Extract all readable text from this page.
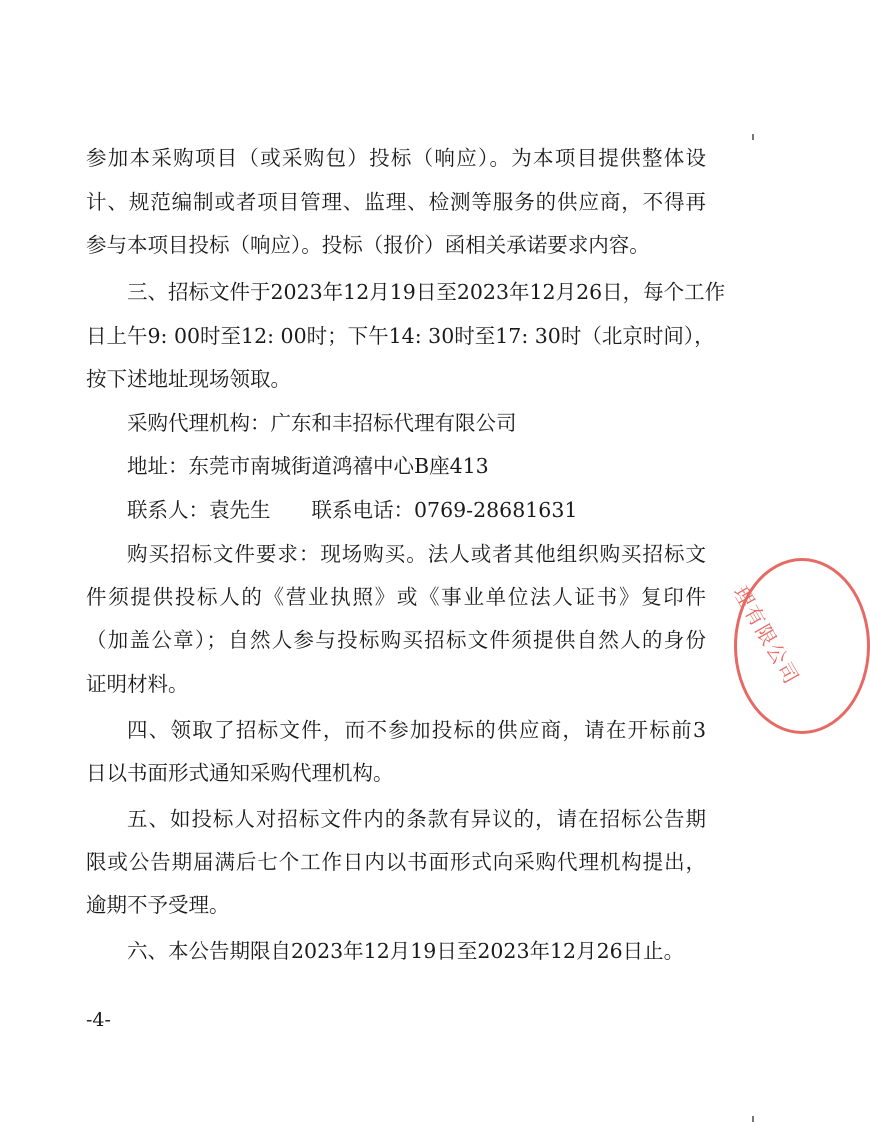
参加本采购项目（或采购包）投标（响应）。为本项目提供整体设
计、规范编制或者项目管理、监理、检测等服务的供应商，不得再
参与本项目投标（响应）。投标（报价）函相关承诺要求内容。
三、招标文件于2023年12月19日至2023年12月26日，每个工作
日上午9: 00时至12: 00时；下午14: 30时至17: 30时（北京时间），
按下述地址现场领取。
采购代理机构：广东和丰招标代理有限公司
地址：东莞市南城街道鸿禧中心B座413
联系人：袁先生　　联系电话：0769-28681631
购买招标文件要求：现场购买。法人或者其他组织购买招标文
件须提供投标人的《营业执照》或《事业单位法人证书》复印件
（加盖公章）；自然人参与投标购买招标文件须提供自然人的身份
证明材料。
四、领取了招标文件，而不参加投标的供应商，请在开标前3
日以书面形式通知采购代理机构。
五、如投标人对招标文件内的条款有异议的，请在招标公告期
限或公告期届满后七个工作日内以书面形式向采购代理机构提出，
逾期不予受理。
六、本公告期限自2023年12月19日至2023年12月26日止。
-4-
理有限公司
